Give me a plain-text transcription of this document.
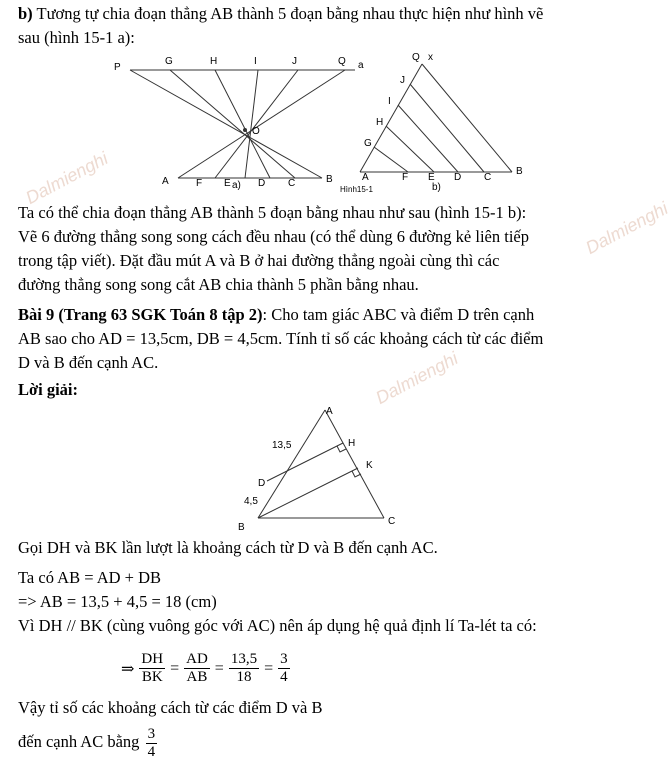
Dalmienghi
Dalmienghi
Dalmienghi
b) Tương tự chia đoạn thẳng AB thành 5 đoạn bằng nhau thực hiện như hình vẽ
sau (hình 15-1 a):
P
G	H	I	J	Q a
O
A	F E	D C	B
a)
Q x
J
I
H
G
A	F E D C
B
Hình15-1	b)
Ta có thể chia đoạn thẳng AB thành 5 đoạn bằng nhau như sau (hình 15-1 b):
Vẽ 6 đường thẳng song song cách đều nhau (có thể dùng 6 đường kẻ liên tiếp
trong tập viết). Đặt đầu mút A và B ở hai đường thẳng ngoài cùng thì các
đường thẳng song song cắt AB chia thành 5 phần bằng nhau.
Bài 9 (Trang 63 SGK Toán 8 tập 2): Cho tam giác ABC và điểm D trên cạnh
AB sao cho AD = 13,5cm, DB = 4,5cm. Tính tỉ số các khoảng cách từ các điểm
D và B đến cạnh AC.
Lời giải:
A
13,5	H
K
D
4,5
B
C
Gọi DH và BK lần lượt là khoảng cách từ D và B đến cạnh AC.
Ta có AB = AD + DB
=> AB = 13,5 + 4,5 = 18 (cm)
Vì DH // BK (cùng vuông góc với AC) nên áp dụng hệ quả định lí Ta-lét ta có:
⇒ $\frac{DH}{BK} = \frac{AD}{AB} = \frac{13,5}{18} = \frac{3}{4}$
Vậy tỉ số các khoảng cách từ các điểm D và B
đến cạnh AC bằng $\frac{3}{4}$
